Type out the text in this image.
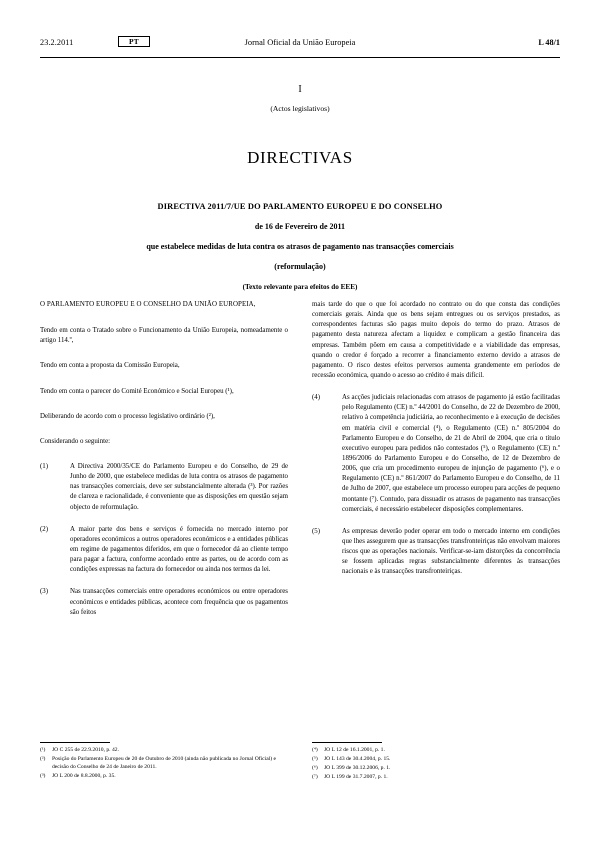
23.2.2011	PT	Jornal Oficial da União Europeia	L 48/1
I
(Actos legislativos)
DIRECTIVAS

DIRECTIVA 2011/7/UE DO PARLAMENTO EUROPEU E DO CONSELHO

de 16 de Fevereiro de 2011

que estabelece medidas de luta contra os atrasos de pagamento nas transacções comerciais

(reformulação)

(Texto relevante para efeitos do EEE)

O PARLAMENTO EUROPEU E O CONSELHO DA UNIÃO EUROPEIA,

Tendo em conta o Tratado sobre o Funcionamento da União Europeia, nomeadamente o artigo 114.º,

Tendo em conta a proposta da Comissão Europeia,

Tendo em conta o parecer do Comité Económico e Social Europeu (¹),

Deliberando de acordo com o processo legislativo ordinário (²),

Considerando o seguinte:

(1)	A Directiva 2000/35/CE do Parlamento Europeu e do Conselho, de 29 de Junho de 2000, que estabelece medidas de luta contra os atrasos de pagamento nas transacções comerciais, deve ser substancialmente alterada (³). Por razões de clareza e racionalidade, é conveniente que as disposições em questão sejam objecto de reformulação.
(2)	A maior parte dos bens e serviços é fornecida no mercado interno por operadores económicos a outros operadores económicos e a entidades públicas em regime de pagamentos diferidos, em que o fornecedor dá ao cliente tempo para pagar a factura, conforme acordado entre as partes, ou de acordo com as condições expressas na factura do fornecedor ou ainda nos termos da lei.
(3)	Nas transacções comerciais entre operadores económicos ou entre operadores económicos e entidades públicas, acontece com frequência que os pagamentos são feitos

mais tarde do que o que foi acordado no contrato ou do que consta das condições comerciais gerais. Ainda que os bens sejam entregues ou os serviços prestados, as correspondentes facturas são pagas muito depois do termo do prazo. Atrasos de pagamento desta natureza afectam a liquidez e complicam a gestão financeira das empresas. Também põem em causa a competitividade e a viabilidade das empresas, quando o credor é forçado a recorrer a financiamento externo devido a atrasos de pagamento. O risco destes efeitos perversos aumenta grandemente em períodos de recessão económica, quando o acesso ao crédito é mais difícil.

(4)	As acções judiciais relacionadas com atrasos de pagamento já estão facilitadas pelo Regulamento (CE) n.º 44/2001 do Conselho, de 22 de Dezembro de 2000, relativo à competência judiciária, ao reconhecimento e à execução de decisões em matéria civil e comercial (⁴), o Regulamento (CE) n.º 805/2004 do Parlamento Europeu e do Conselho, de 21 de Abril de 2004, que cria o título executivo europeu para pedidos não contestados (⁵), o Regulamento (CE) n.º 1896/2006 do Parlamento Europeu e do Conselho, de 12 de Dezembro de 2006, que cria um procedimento europeu de injunção de pagamento (⁶), e o Regulamento (CE) n.º 861/2007 do Parlamento Europeu e do Conselho, de 11 de Julho de 2007, que estabelece um processo europeu para acções de pequeno montante (⁷). Contudo, para dissuadir os atrasos de pagamento nas transacções comerciais, é necessário estabelecer disposições complementares.
(5)	As empresas deverão poder operar em todo o mercado interno em condições que lhes assegurem que as transacções transfronteiriças não envolvam maiores riscos que as operações nacionais. Verificar-se-iam distorções da concorrência se fossem aplicadas regras substancialmente diferentes às transacções nacionais e às transacções transfronteiriças.
(¹) JO C 255 de 22.9.2010, p. 42.
(²) Posição do Parlamento Europeu de 20 de Outubro de 2010 (ainda não publicada no Jornal Oficial) e decisão do Conselho de 24 de Janeiro de 2011.
(³) JO L 200 de 8.8.2000, p. 35.
(⁴) JO L 12 de 16.1.2001, p. 1.
(⁵) JO L 143 de 30.4.2004, p. 15.
(⁶) JO L 399 de 30.12.2006, p. 1.
(⁷) JO L 199 de 31.7.2007, p. 1.
